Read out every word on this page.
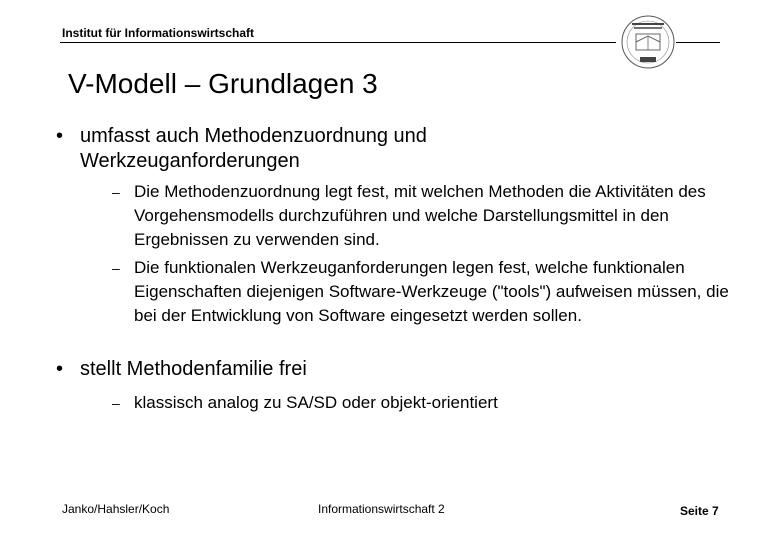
Institut für Informationswirtschaft
V-Modell – Grundlagen 3
• umfasst auch Methodenzuordnung und
Werkzeuganforderungen
– Die Methodenzuordnung legt fest, mit welchen Methoden die Aktivitäten des Vorgehensmodells durchzuführen und welche Darstellungsmittel in den Ergebnissen zu verwenden sind.
– Die funktionalen Werkzeuganforderungen legen fest, welche funktionalen Eigenschaften diejenigen Software-Werkzeuge ("tools") aufweisen müssen, die bei der Entwicklung von Software eingesetzt werden sollen.
• stellt Methodenfamilie frei
– klassisch analog zu SA/SD oder objekt-orientiert
Janko/Hahsler/Koch	Informationswirtschaft 2	Seite 7
